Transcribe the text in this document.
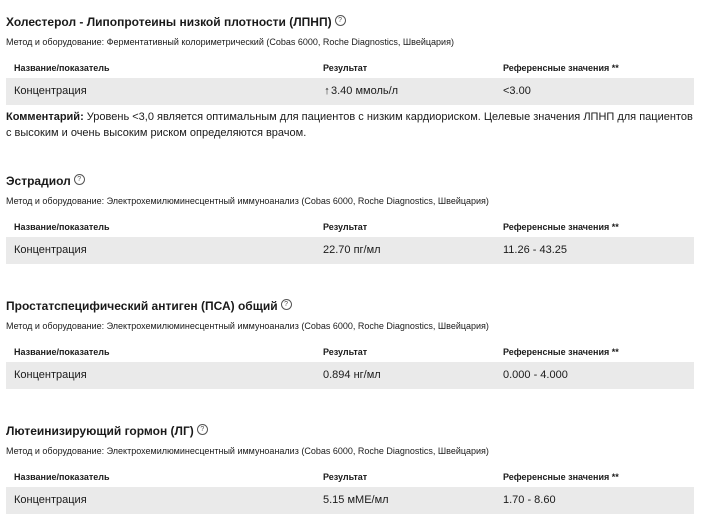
Холестерол - Липопротеины низкой плотности (ЛПНП) ?
Метод и оборудование: Ферментативный колориметрический (Cobas 6000, Roche Diagnostics, Швейцария)
Название/показатель	Результат	Референсные значения **
Концентрация	↑3.40 ммоль/л	<3.00
Комментарий: Уровень <3,0 является оптимальным для пациентов с низким кардиориском. Целевые значения ЛПНП для пациентов с высоким и очень высоким риском определяются врачом.
Эстрадиол ?
Метод и оборудование: Электрохемилюминесцентный иммуноанализ (Cobas 6000, Roche Diagnostics, Швейцария)
Название/показатель	Результат	Референсные значения **
Концентрация	22.70 пг/мл	11.26 - 43.25
Простатспецифический антиген (ПСА) общий ?
Метод и оборудование: Электрохемилюминесцентный иммуноанализ (Cobas 6000, Roche Diagnostics, Швейцария)
Название/показатель	Результат	Референсные значения **
Концентрация	0.894 нг/мл	0.000 - 4.000
Лютеинизирующий гормон (ЛГ) ?
Метод и оборудование: Электрохемилюминесцентный иммуноанализ (Cobas 6000, Roche Diagnostics, Швейцария)
Название/показатель	Результат	Референсные значения **
Концентрация	5.15 мМЕ/мл	1.70 - 8.60
